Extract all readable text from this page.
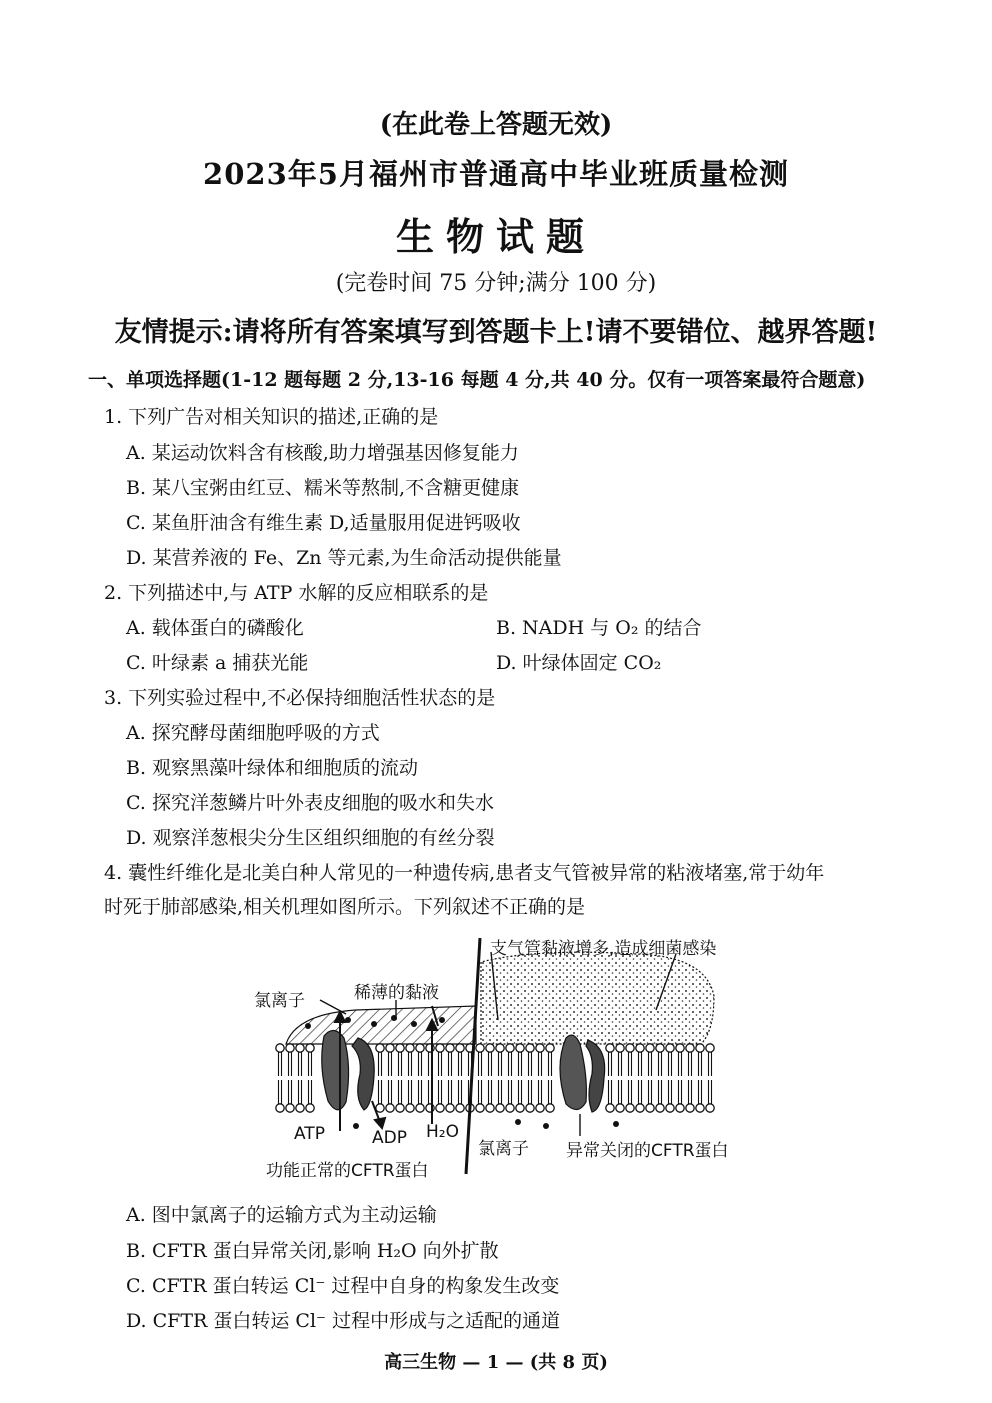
(在此卷上答题无效)
2023年5月福州市普通高中毕业班质量检测
生物试题
(完卷时间 75 分钟;满分 100 分)
友情提示:请将所有答案填写到答题卡上!请不要错位、越界答题!
一、单项选择题(1-12 题每题 2 分,13-16 每题 4 分,共 40 分。仅有一项答案最符合题意)
1. 下列广告对相关知识的描述,正确的是
A. 某运动饮料含有核酸,助力增强基因修复能力
B. 某八宝粥由红豆、糯米等熬制,不含糖更健康
C. 某鱼肝油含有维生素 D,适量服用促进钙吸收
D. 某营养液的 Fe、Zn 等元素,为生命活动提供能量
2. 下列描述中,与 ATP 水解的反应相联系的是
A. 载体蛋白的磷酸化	B. NADH 与 O₂ 的结合
C. 叶绿素 a 捕获光能	D. 叶绿体固定 CO₂
3. 下列实验过程中,不必保持细胞活性状态的是
A. 探究酵母菌细胞呼吸的方式
B. 观察黑藻叶绿体和细胞质的流动
C. 探究洋葱鳞片叶外表皮细胞的吸水和失水
D. 观察洋葱根尖分生区组织细胞的有丝分裂
4. 囊性纤维化是北美白种人常见的一种遗传病,患者支气管被异常的粘液堵塞,常于幼年
时死于肺部感染,相关机理如图所示。下列叙述不正确的是
支气管黏液增多,造成细菌感染
氯离子	稀薄的黏液
ATP	ADP H₂O
氯离子 异常关闭的CFTR蛋白
功能正常的CFTR蛋白
A. 图中氯离子的运输方式为主动运输
B. CFTR 蛋白异常关闭,影响 H₂O 向外扩散
C. CFTR 蛋白转运 Cl⁻ 过程中自身的构象发生改变
D. CFTR 蛋白转运 Cl⁻ 过程中形成与之适配的通道
高三生物 — 1 — (共 8 页)
